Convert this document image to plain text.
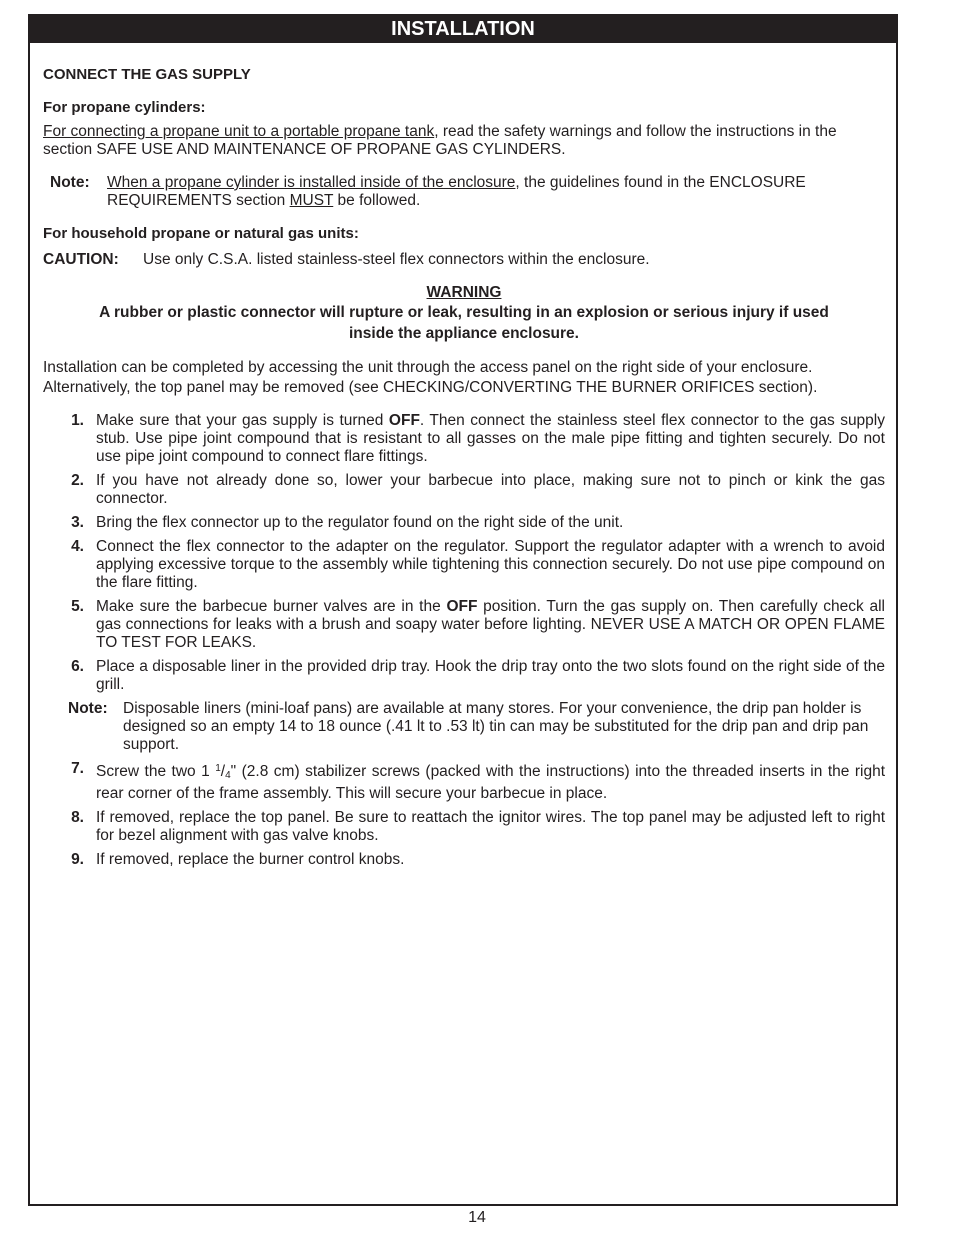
INSTALLATION
CONNECT THE GAS SUPPLY
For propane cylinders:
For connecting a propane unit to a portable propane tank, read the safety warnings and follow the instructions in the section SAFE USE AND MAINTENANCE OF PROPANE GAS CYLINDERS.
Note:	When a propane cylinder is installed inside of the enclosure, the guidelines found in the ENCLOSURE REQUIREMENTS section MUST be followed.
For household propane or natural gas units:
CAUTION:	Use only C.S.A. listed stainless-steel flex connectors within the enclosure.
WARNING
A rubber or plastic connector will rupture or leak, resulting in an explosion or serious injury if used
inside the appliance enclosure.
Installation can be completed by accessing the unit through the access panel on the right side of your enclosure. Alternatively, the top panel may be removed (see CHECKING/CONVERTING THE BURNER ORIFICES section).
1. Make sure that your gas supply is turned OFF. Then connect the stainless steel flex connector to the gas supply stub. Use pipe joint compound that is resistant to all gasses on the male pipe fitting and tighten securely. Do not use pipe joint compound to connect flare fittings.
2. If you have not already done so, lower your barbecue into place, making sure not to pinch or kink the gas connector.
3. Bring the flex connector up to the regulator found on the right side of the unit.
4. Connect the flex connector to the adapter on the regulator. Support the regulator adapter with a wrench to avoid applying excessive torque to the assembly while tightening this connection securely. Do not use pipe compound on the flare fitting.
5. Make sure the barbecue burner valves are in the OFF position. Turn the gas supply on. Then carefully check all gas connections for leaks with a brush and soapy water before lighting. NEVER USE A MATCH OR OPEN FLAME TO TEST FOR LEAKS.
6. Place a disposable liner in the provided drip tray. Hook the drip tray onto the two slots found on the right side of the grill.
Note: Disposable liners (mini-loaf pans) are available at many stores. For your convenience, the drip pan holder is designed so an empty 14 to 18 ounce (.41 lt to .53 lt) tin can may be substituted for the drip pan and drip pan support.
7. Screw the two 1 $^1/_4$" (2.8 cm) stabilizer screws (packed with the instructions) into the threaded inserts in the right rear corner of the frame assembly. This will secure your barbecue in place.
8. If removed, replace the top panel. Be sure to reattach the ignitor wires. The top panel may be adjusted left to right for bezel alignment with gas valve knobs.
9. If removed, replace the burner control knobs.
14
